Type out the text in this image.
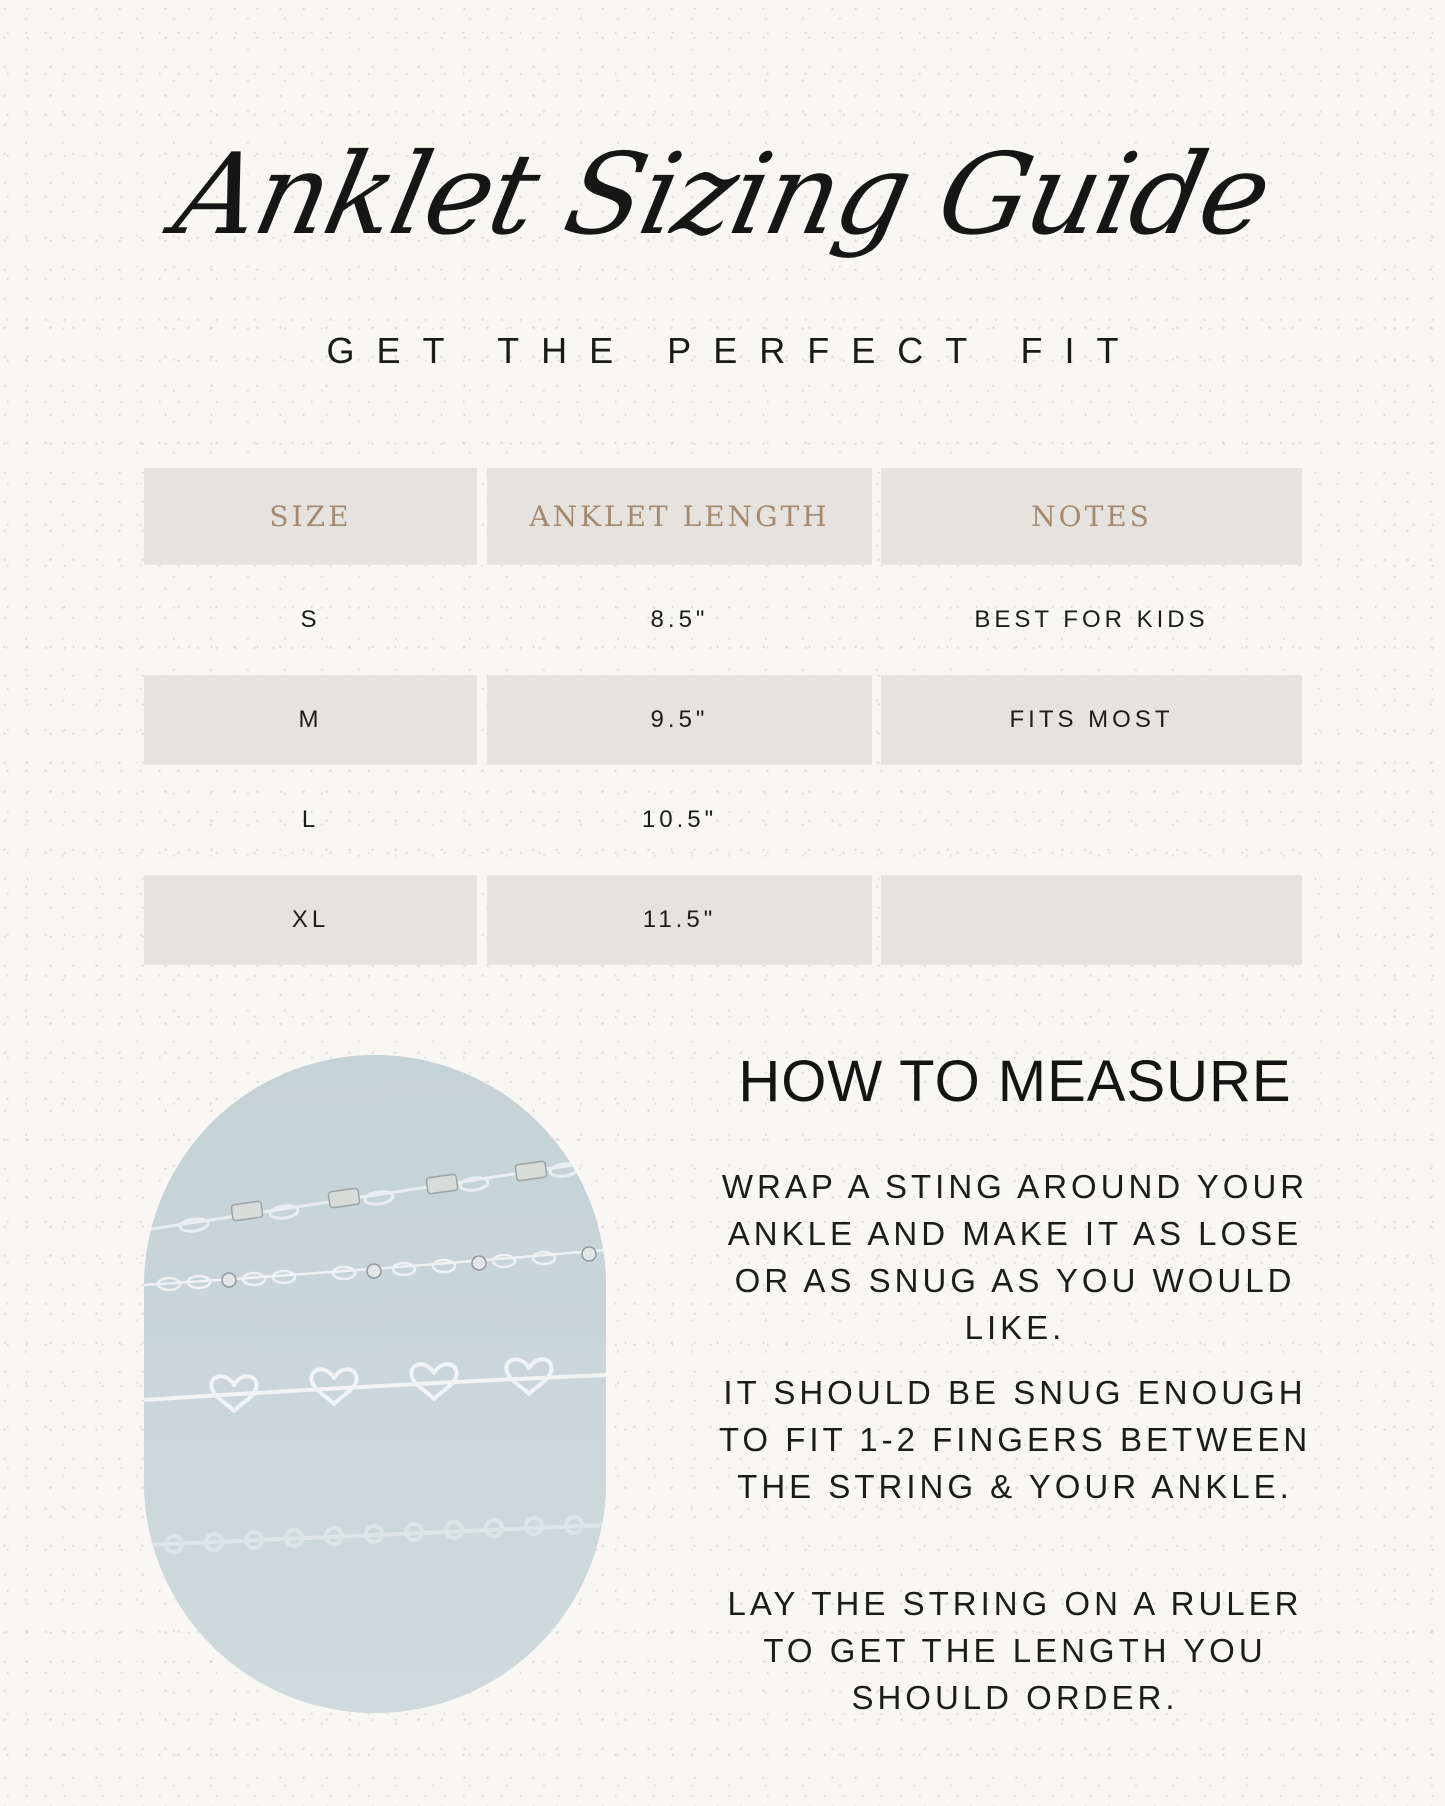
Anklet Sizing Guide
GET THE PERFECT FIT
SIZE	ANKLET LENGTH	NOTES
S	8.5"	BEST FOR KIDS
M	9.5"	FITS MOST
L	10.5"
XL	11.5"
HOW TO MEASURE
WRAP A STING AROUND YOUR ANKLE AND MAKE IT AS LOSE OR AS SNUG AS YOU WOULD LIKE.
IT SHOULD BE SNUG ENOUGH TO FIT 1-2 FINGERS BETWEEN THE STRING & YOUR ANKLE.
LAY THE STRING ON A RULER TO GET THE LENGTH YOU SHOULD ORDER.
